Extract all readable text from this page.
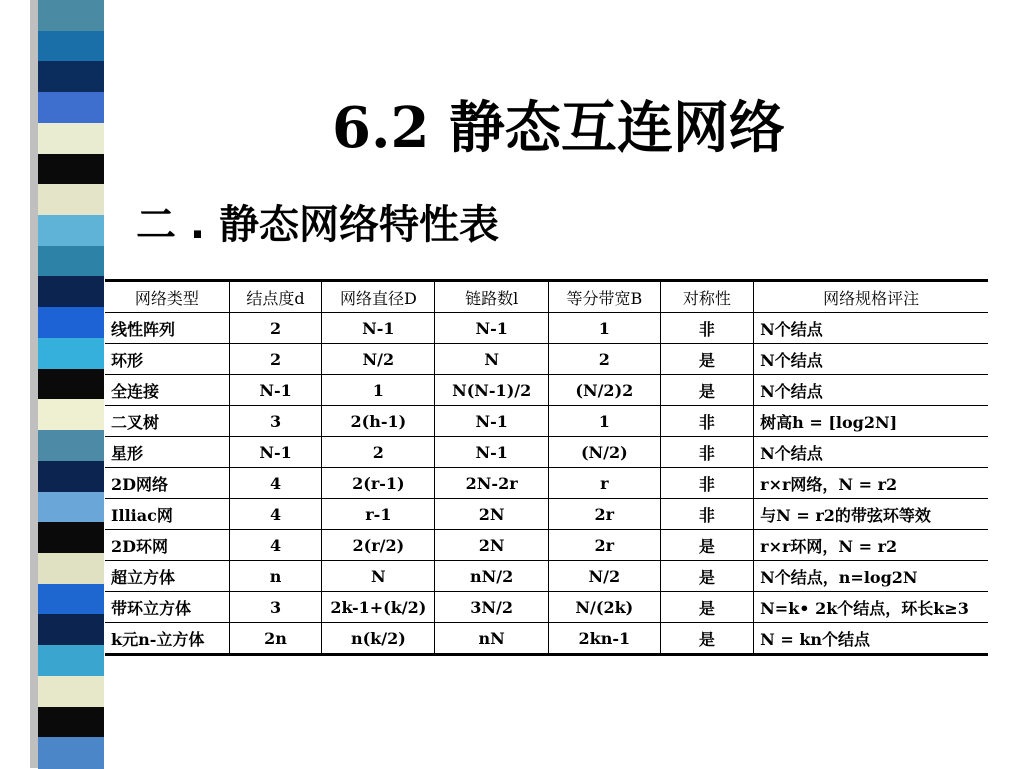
6.2 静态互连网络
二 . 静态网络特性表
网络类型	结点度d	网络直径D	链路数l	等分带宽B	对称性	网络规格评注
线性阵列	2	N-1	N-1	1	非	N个结点
环形	2	N/2	N	2	是	N个结点
全连接	N-1	1	N(N-1)/2	(N/2)2	是	N个结点
二叉树	3	2(h-1)	N-1	1	非	树高h = [log2N]
星形	N-1	2	N-1	(N/2)	非	N个结点
2D网络	4	2(r-1)	2N-2r	r	非	r×r网络，N = r2
Illiac网	4	r-1	2N	2r	非	与N = r2的带弦环等效
2D环网	4	2(r/2)	2N	2r	是	r×r环网，N = r2
超立方体	n	N	nN/2	N/2	是	N个结点，n=log2N
带环立方体	3	2k-1+(k/2)	3N/2	N/(2k)	是	N=k• 2k个结点，环长k≥3
k元n-立方体	2n	n(k/2)	nN	2kn-1	是	N = kn个结点
